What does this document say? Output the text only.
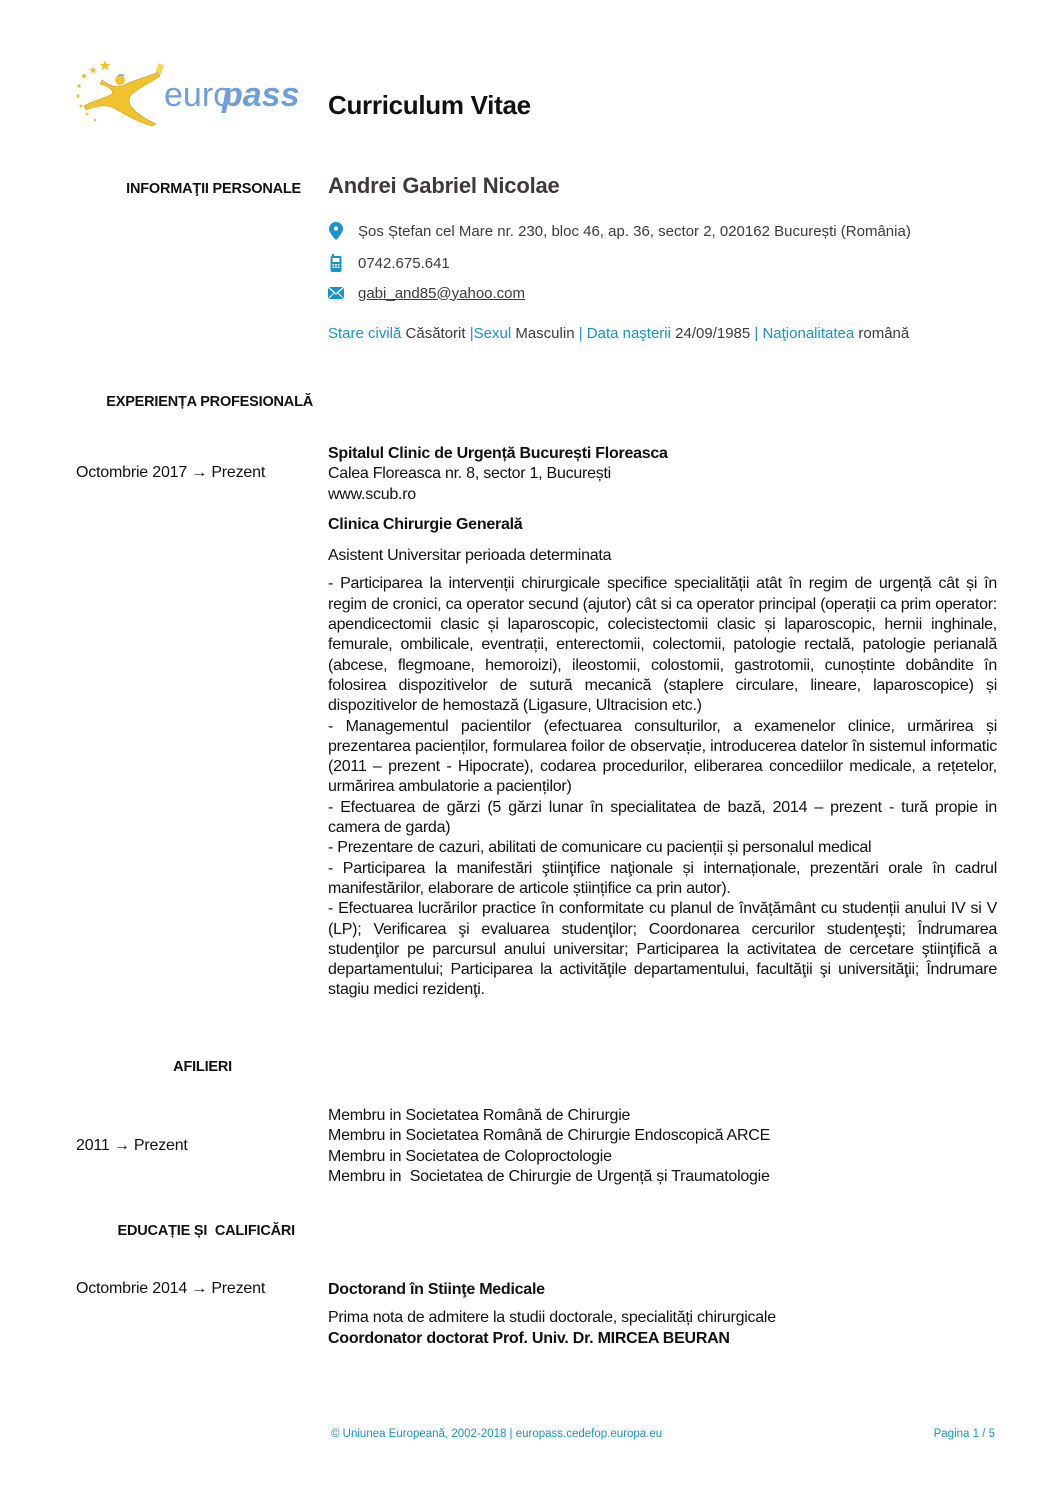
euro
pass Curriculum Vitae
INFORMAŢII PERSONALE Andrei Gabriel Nicolae
Șos Ștefan cel Mare nr. 230, bloc 46, ap. 36, sector 2, 020162 București (România)
0742.675.641
gabi_and85@yahoo.com
Stare civilă Căsătorit |Sexul Masculin | Data naşterii 24/09/1985 | Naţionalitatea română
EXPERIENȚA PROFESIONALĂ
Octombrie 2017 → Prezent
Spitalul Clinic de Urgență București Floreasca
Calea Floreasca nr. 8, sector 1, București
www.scub.ro
Clinica Chirurgie Generală
Asistent Universitar perioada determinata
- Participarea la intervenții chirurgicale specifice specialității atât în regim de urgență cât și în regim de cronici, ca operator secund (ajutor) cât si ca operator principal (operații ca prim operator: apendicectomii clasic și laparoscopic, colecistectomii clasic și laparoscopic, hernii inghinale, femurale, ombilicale, eventrații, enterectomii, colectomii, patologie rectală, patologie perianală (abcese, flegmoane, hemoroizi), ileostomii, colostomii, gastrotomii, cunoștinte dobândite în folosirea dispozitivelor de sutură mecanică (staplere circulare, lineare, laparoscopice) și dispozitivelor de hemostază (Ligasure, Ultracision etc.)
- Managementul pacientilor (efectuarea consulturilor, a examenelor clinice, urmărirea și prezentarea pacienților, formularea foilor de observație, introducerea datelor în sistemul informatic (2011 – prezent - Hipocrate), codarea procedurilor, eliberarea concediilor medicale, a rețetelor, urmărirea ambulatorie a pacienților)
- Efectuarea de gărzi (5 gărzi lunar în specialitatea de bază, 2014 – prezent - tură propie in camera de garda)
- Prezentare de cazuri, abilitati de comunicare cu pacienții și personalul medical
- Participarea la manifestări ştiinţifice naţionale și internaționale, prezentări orale în cadrul manifestărilor, elaborare de articole științifice ca prin autor).
- Efectuarea lucrărilor practice în conformitate cu planul de învățământ cu studenții anului IV si V (LP); Verificarea şi evaluarea studenţilor; Coordonarea cercurilor studenţeşti; Îndrumarea studenţilor pe parcursul anului universitar; Participarea la activitatea de cercetare ştiinţifică a departamentului; Participarea la activităţile departamentului, facultăţii şi universităţii; Îndrumare stagiu medici rezidenţi.
AFILIERI
2011 → Prezent
Membru in Societatea Română de Chirurgie
Membru in Societatea Română de Chirurgie Endoscopică ARCE
Membru in Societatea de Coloproctologie
Membru in  Societatea de Chirurgie de Urgență și Traumatologie
EDUCAȚIE ȘI  CALIFICĂRI
Octombrie 2014 → Prezent	Doctorand în Stiinţe Medicale
Prima nota de admitere la studii doctorale, specialități chirurgicale
Coordonator doctorat Prof. Univ. Dr. MIRCEA BEURAN
© Uniunea Europeană, 2002-2018 | europass.cedefop.europa.eu	Pagina 1 / 5
